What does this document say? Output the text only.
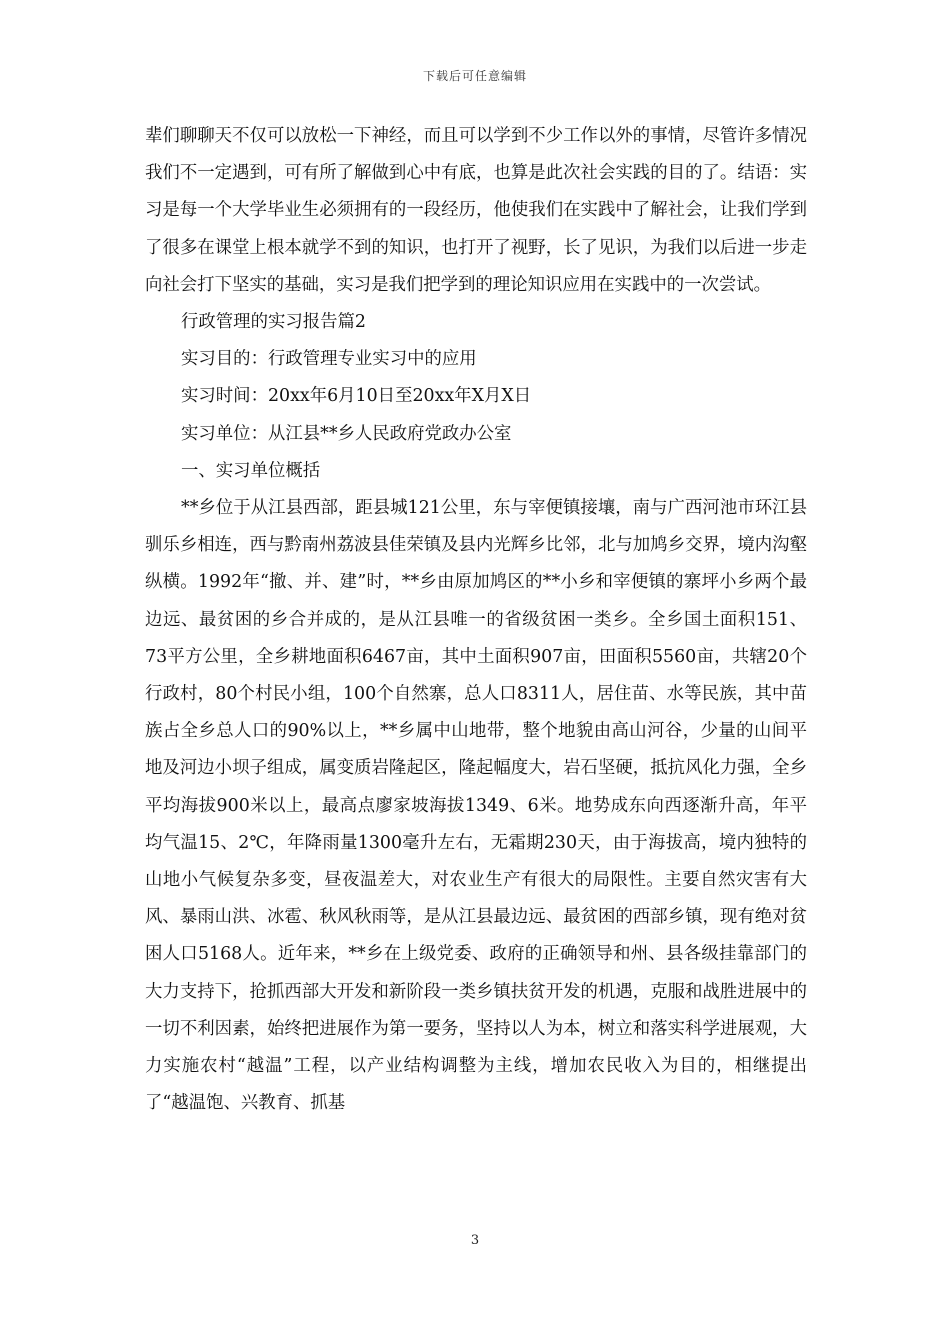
下载后可任意编辑

辈们聊聊天不仅可以放松一下神经，而且可以学到不少工作以外的事情，尽管许多情况我们不一定遇到，可有所了解做到心中有底，也算是此次社会实践的目的了。结语：实习是每一个大学毕业生必须拥有的一段经历，他使我们在实践中了解社会，让我们学到了很多在课堂上根本就学不到的知识，也打开了视野，长了见识，为我们以后进一步走向社会打下坚实的基础，实习是我们把学到的理论知识应用在实践中的一次尝试。

行政管理的实习报告篇2

实习目的：行政管理专业实习中的应用

实习时间：20xx年6月10日至20xx年X月X日

实习单位：从江县**乡人民政府党政办公室

一、实习单位概括

**乡位于从江县西部，距县城121公里，东与宰便镇接壤，南与广西河池市环江县驯乐乡相连，西与黔南州荔波县佳荣镇及县内光辉乡比邻，北与加鸠乡交界，境内沟壑纵横。1992年“撤、并、建”时，**乡由原加鸠区的**小乡和宰便镇的寨坪小乡两个最边远、最贫困的乡合并成的，是从江县唯一的省级贫困一类乡。全乡国土面积151、73平方公里，全乡耕地面积6467亩，其中土面积907亩，田面积5560亩，共辖20个行政村，80个村民小组，100个自然寨，总人口8311人，居住苗、水等民族，其中苗族占全乡总人口的90%以上，**乡属中山地带，整个地貌由高山河谷，少量的山间平地及河边小坝子组成，属变质岩隆起区，隆起幅度大，岩石坚硬，抵抗风化力强，全乡平均海拔900米以上，最高点廖家坡海拔1349、6米。地势成东向西逐渐升高，年平均气温15、2℃，年降雨量1300毫升左右，无霜期230天，由于海拔高，境内独特的山地小气候复杂多变，昼夜温差大，对农业生产有很大的局限性。主要自然灾害有大风、暴雨山洪、冰雹、秋风秋雨等，是从江县最边远、最贫困的西部乡镇，现有绝对贫困人口5168人。近年来，**乡在上级党委、政府的正确领导和州、县各级挂靠部门的大力支持下，抢抓西部大开发和新阶段一类乡镇扶贫开发的机遇，克服和战胜进展中的一切不利因素，始终把进展作为第一要务，坚持以人为本，树立和落实科学进展观，大力实施农村“越温”工程，以产业结构调整为主线，增加农民收入为目的，相继提出了“越温饱、兴教育、抓基

3
